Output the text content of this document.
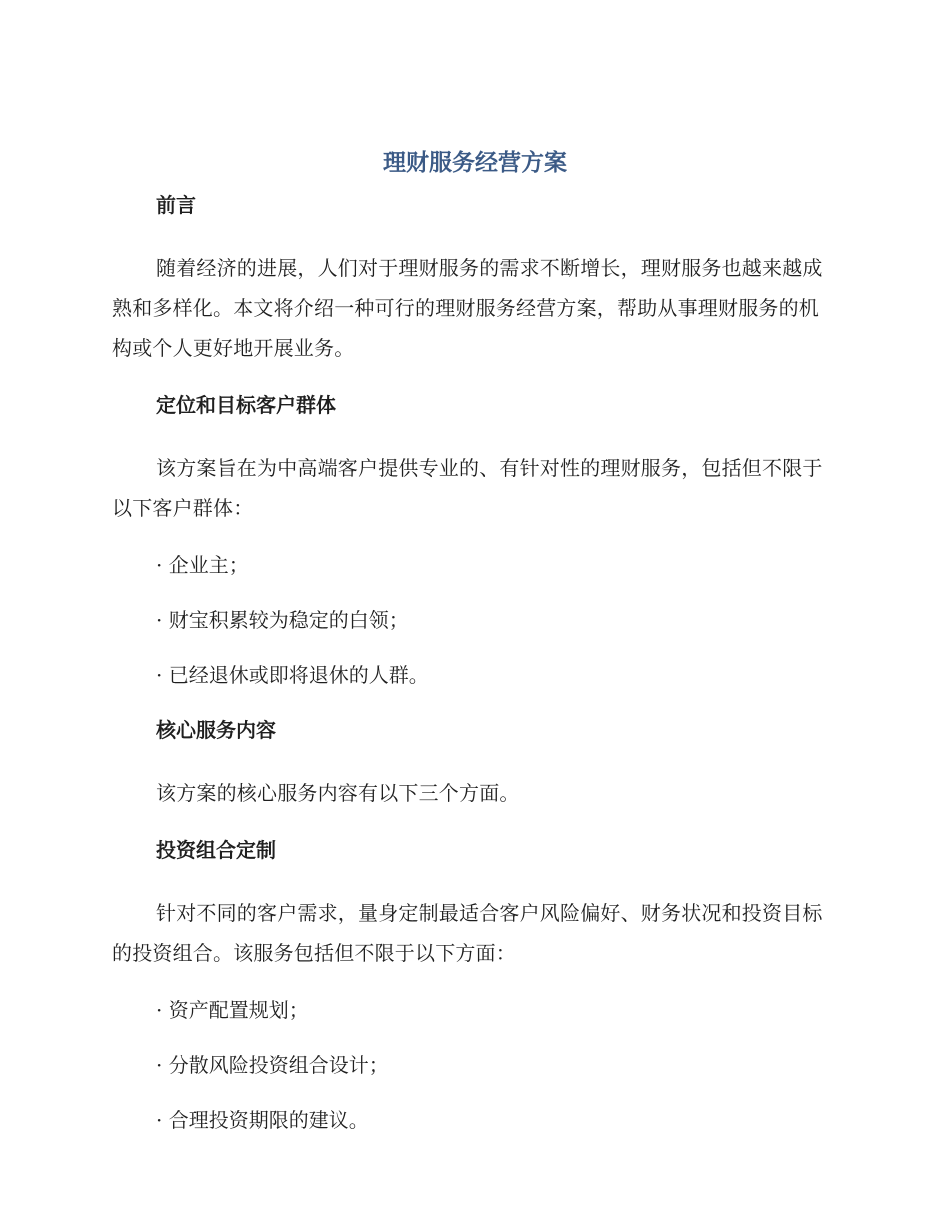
理财服务经营方案
前言

随着经济的进展，人们对于理财服务的需求不断增长，理财服务也越来越成熟和多样化。本文将介绍一种可行的理财服务经营方案，帮助从事理财服务的机构或个人更好地开展业务。

定位和目标客户群体

该方案旨在为中高端客户提供专业的、有针对性的理财服务，包括但不限于以下客户群体：

· 企业主；
· 财宝积累较为稳定的白领；
· 已经退休或即将退休的人群。
核心服务内容

该方案的核心服务内容有以下三个方面。

投资组合定制

针对不同的客户需求，量身定制最适合客户风险偏好、财务状况和投资目标的投资组合。该服务包括但不限于以下方面：

· 资产配置规划；
· 分散风险投资组合设计；
· 合理投资期限的建议。
